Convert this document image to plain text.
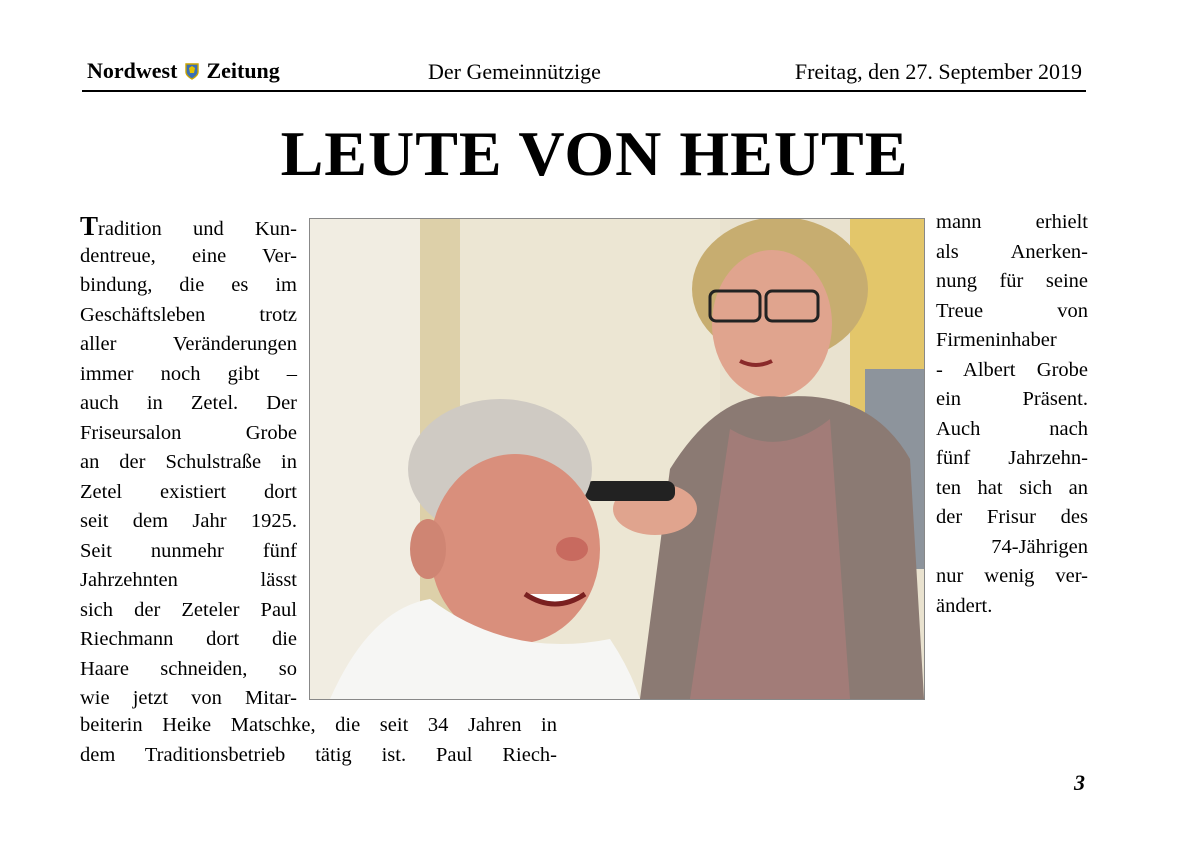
Nordwest Zeitung	Der Gemeinnützige	Freitag, den 27. September 2019
LEUTE VON HEUTE
Tradition und Kun-
dentreue, eine Ver-
bindung, die es im
Geschäftsleben trotz
aller Veränderungen
immer noch gibt –
auch in Zetel. Der
Friseursalon Grobe
an der Schulstraße in
Zetel existiert dort
seit dem Jahr 1925.
Seit nunmehr fünf
Jahrzehnten lässt
sich der Zeteler Paul
Riechmann dort die
Haare schneiden, so
wie jetzt von Mitar-
mann erhielt
als Anerken-
nung für seine
Treue von
Firmeninhaber
- Albert Grobe
ein Präsent.
Auch nach
fünf Jahrzehn-
ten hat sich an
der Frisur des
74-Jährigen
nur wenig ver-
ändert.
beiterin Heike Matschke, die seit 34 Jahren in
dem Traditionsbetrieb tätig ist. Paul Riech-
3
